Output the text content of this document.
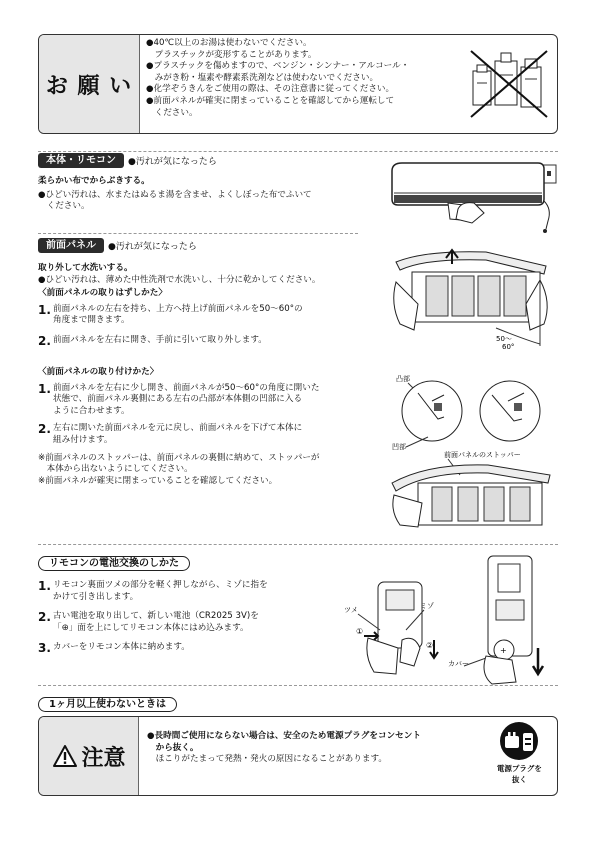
お 願 い
●40℃以上のお湯は使わないでください。
　プラスチックが変形することがあります。
●プラスチックを傷めますので、ベンジン・シンナー・アルコール・
　みがき粉・塩素や酵素系洗剤などは使わないでください。
●化学ぞうきんをご使用の際は、その注意書に従ってください。
●前面パネルが確実に閉まっていることを確認してから運転して
　ください。
本体・リモコン	●汚れが気になったら
柔らかい布でからぶきする。
●ひどい汚れは、水またはぬるま湯を含ませ、よくしぼった布でふいて
　ください。
前面パネル	●汚れが気になったら
取り外して水洗いする。
●ひどい汚れは、薄めた中性洗剤で水洗いし、十分に乾かしてください。
〈前面パネルの取りはずしかた〉
1. 前面パネルの左右を持ち、上方へ持上げ前面パネルを50～60°の
角度まで開きます。
2. 前面パネルを左右に開き、手前に引いて取り外します。
〈前面パネルの取り付けかた〉
1. 前面パネルを左右に少し開き、前面パネルが50～60°の角度に開いた
状態で、前面パネル裏側にある左右の凸部が本体側の凹部に入る
ように合わせます。
2. 左右に開いた前面パネルを元に戻し、前面パネルを下げて本体に
組み付けます。
※前面パネルのストッパーは、前面パネルの裏側に納めて、ストッパーが
　本体から出ないようにしてください。
※前面パネルが確実に閉まっていることを確認してください。
50～
60°
凸部
凹部
前面パネルのストッパー
リモコンの電池交換のしかた
1. リモコン裏面ツメの部分を軽く押しながら、ミゾに指を
かけて引き出します。
2. 古い電池を取り出して、新しい電池（CR2025 3V)を
「⊕」面を上にしてリモコン本体にはめ込みます。
3. カバーをリモコン本体に納めます。
ツメ	ミゾ
①
②
+
カバー
1ヶ月以上使わないときは
注意
●長時間ご使用にならない場合は、安全のため電源プラグをコンセント
　から抜く。
　ほこりがたまって発熱・発火の原因になることがあります。
電源プラグを
抜く
